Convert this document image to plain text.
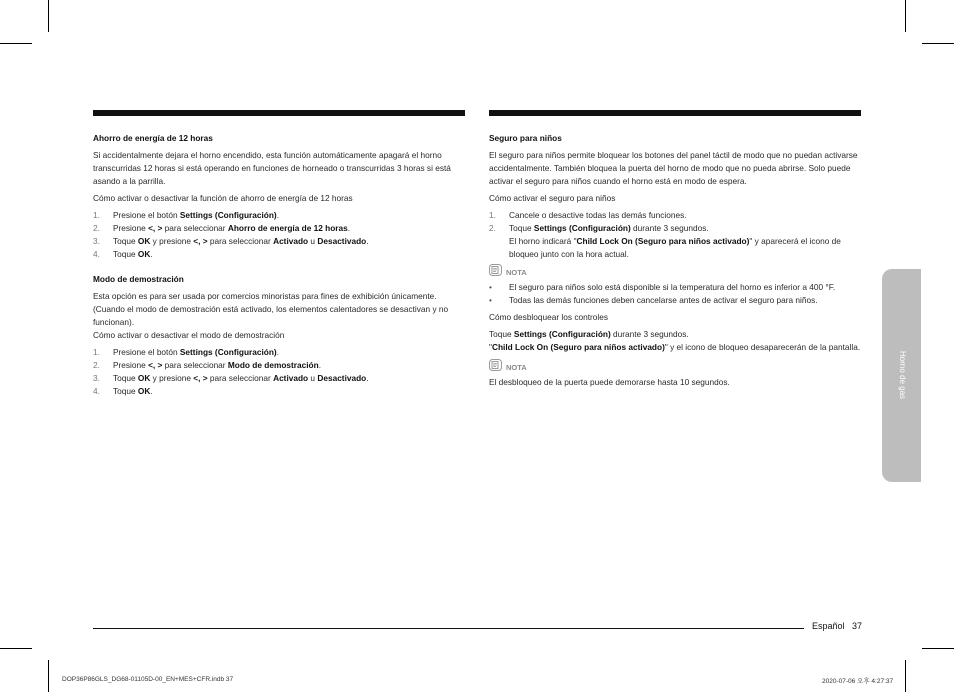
Ahorro de energía de 12 horas

Si accidentalmente dejara el horno encendido, esta función automáticamente apagará el horno transcurridas 12 horas si está operando en funciones de horneado o transcurridas 3 horas si está asando a la parrilla.

Cómo activar o desactivar la función de ahorro de energía de 12 horas

1. Presione el botón Settings (Configuración).
2. Presione <, > para seleccionar Ahorro de energía de 12 horas.
3. Toque OK y presione <, > para seleccionar Activado u Desactivado.
4. Toque OK.

Modo de demostración

Esta opción es para ser usada por comercios minoristas para fines de exhibición únicamente. (Cuando el modo de demostración está activado, los elementos calentadores se desactivan y no funcionan).

Cómo activar o desactivar el modo de demostración

1. Presione el botón Settings (Configuración).
2. Presione <, > para seleccionar Modo de demostración.
3. Toque OK y presione <, > para seleccionar Activado u Desactivado.
4. Toque OK.

Seguro para niños

El seguro para niños permite bloquear los botones del panel táctil de modo que no puedan activarse accidentalmente. También bloquea la puerta del horno de modo que no pueda abrirse. Solo puede activar el seguro para niños cuando el horno está en modo de espera.

Cómo activar el seguro para niños

1. Cancele o desactive todas las demás funciones.
2. Toque Settings (Configuración) durante 3 segundos.
El horno indicará "Child Lock On (Seguro para niños activado)" y aparecerá el icono de bloqueo junto con la hora actual.
NOTA
• El seguro para niños solo está disponible si la temperatura del horno es inferior a 400 °F.
• Todas las demás funciones deben cancelarse antes de activar el seguro para niños.

Cómo desbloquear los controles

Toque Settings (Configuración) durante 3 segundos.

"Child Lock On (Seguro para niños activado)" y el icono de bloqueo desaparecerán de la pantalla.

NOTA

El desbloqueo de la puerta puede demorarse hasta 10 segundos.	Horno de gas
Español 37
DOP36P86GLS_DG68-01105D-00_EN+MES+CFR.indb 37	2020-07-06 오후 4:27:37
